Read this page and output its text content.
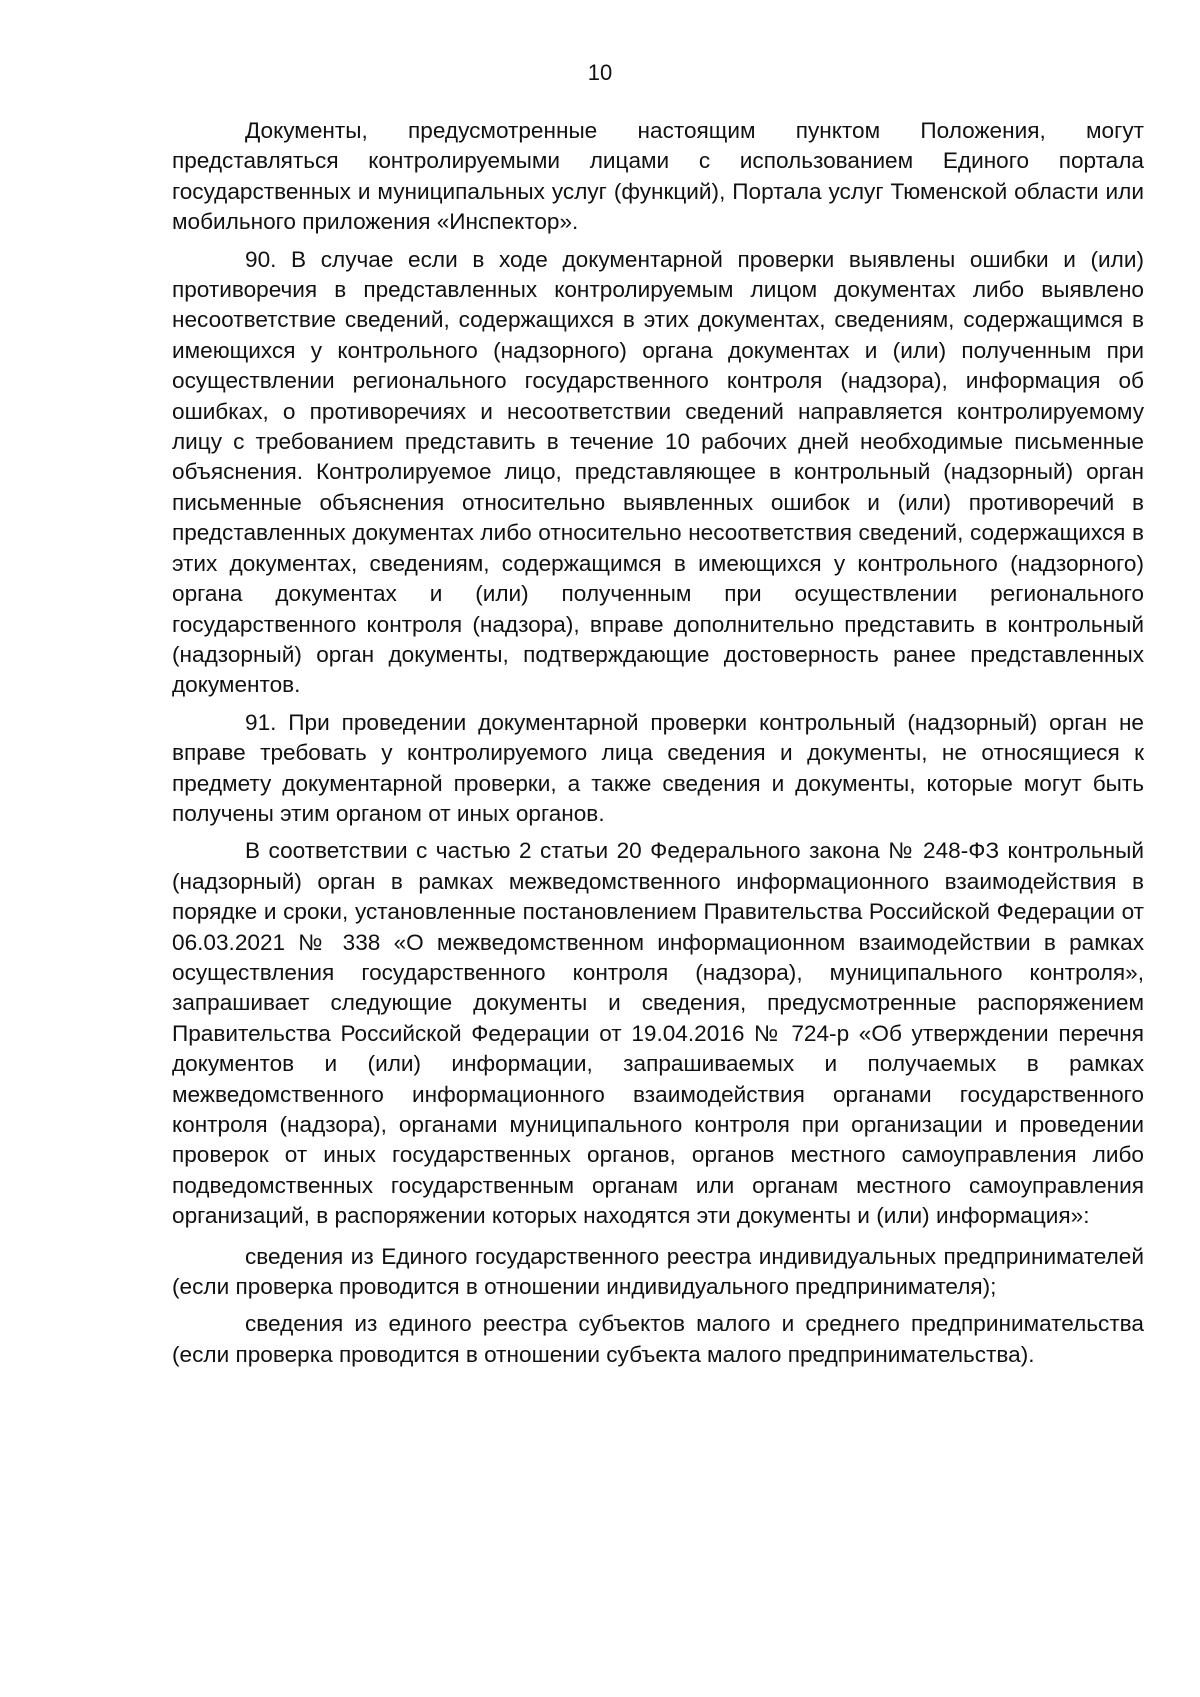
10

Документы, предусмотренные настоящим пунктом Положения, могут представляться контролируемыми лицами с использованием Единого портала государственных и муниципальных услуг (функций), Портала услуг Тюменской области или мобильного приложения «Инспектор».

90. В случае если в ходе документарной проверки выявлены ошибки и (или) противоречия в представленных контролируемым лицом документах либо выявлено несоответствие сведений, содержащихся в этих документах, сведениям, содержащимся в имеющихся у контрольного (надзорного) органа документах и (или) полученным при осуществлении регионального государственного контроля (надзора), информация об ошибках, о противоречиях и несоответствии сведений направляется контролируемому лицу с требованием представить в течение 10 рабочих дней необходимые письменные объяснения. Контролируемое лицо, представляющее в контрольный (надзорный) орган письменные объяснения относительно выявленных ошибок и (или) противоречий в представленных документах либо относительно несоответствия сведений, содержащихся в этих документах, сведениям, содержащимся в имеющихся у контрольного (надзорного) органа документах и (или) полученным при осуществлении регионального государственного контроля (надзора), вправе дополнительно представить в контрольный (надзорный) орган документы, подтверждающие достоверность ранее представленных документов.

91. При проведении документарной проверки контрольный (надзорный) орган не вправе требовать у контролируемого лица сведения и документы, не относящиеся к предмету документарной проверки, а также сведения и документы, которые могут быть получены этим органом от иных органов.

В соответствии с частью 2 статьи 20 Федерального закона № 248-ФЗ контрольный (надзорный) орган в рамках межведомственного информационного взаимодействия в порядке и сроки, установленные постановлением Правительства Российской Федерации от 06.03.2021 № 338 «О межведомственном информационном взаимодействии в рамках осуществления государственного контроля (надзора), муниципального контроля», запрашивает следующие документы и сведения, предусмотренные распоряжением Правительства Российской Федерации от 19.04.2016 № 724-р «Об утверждении перечня документов и (или) информации, запрашиваемых и получаемых в рамках межведомственного информационного взаимодействия органами государственного контроля (надзора), органами муниципального контроля при организации и проведении проверок от иных государственных органов, органов местного самоуправления либо подведомственных государственным органам или органам местного самоуправления организаций, в распоряжении которых находятся эти документы и (или) информация»:

сведения из Единого государственного реестра индивидуальных предпринимателей (если проверка проводится в отношении индивидуального предпринимателя);

сведения из единого реестра субъектов малого и среднего предпринимательства (если проверка проводится в отношении субъекта малого предпринимательства).
